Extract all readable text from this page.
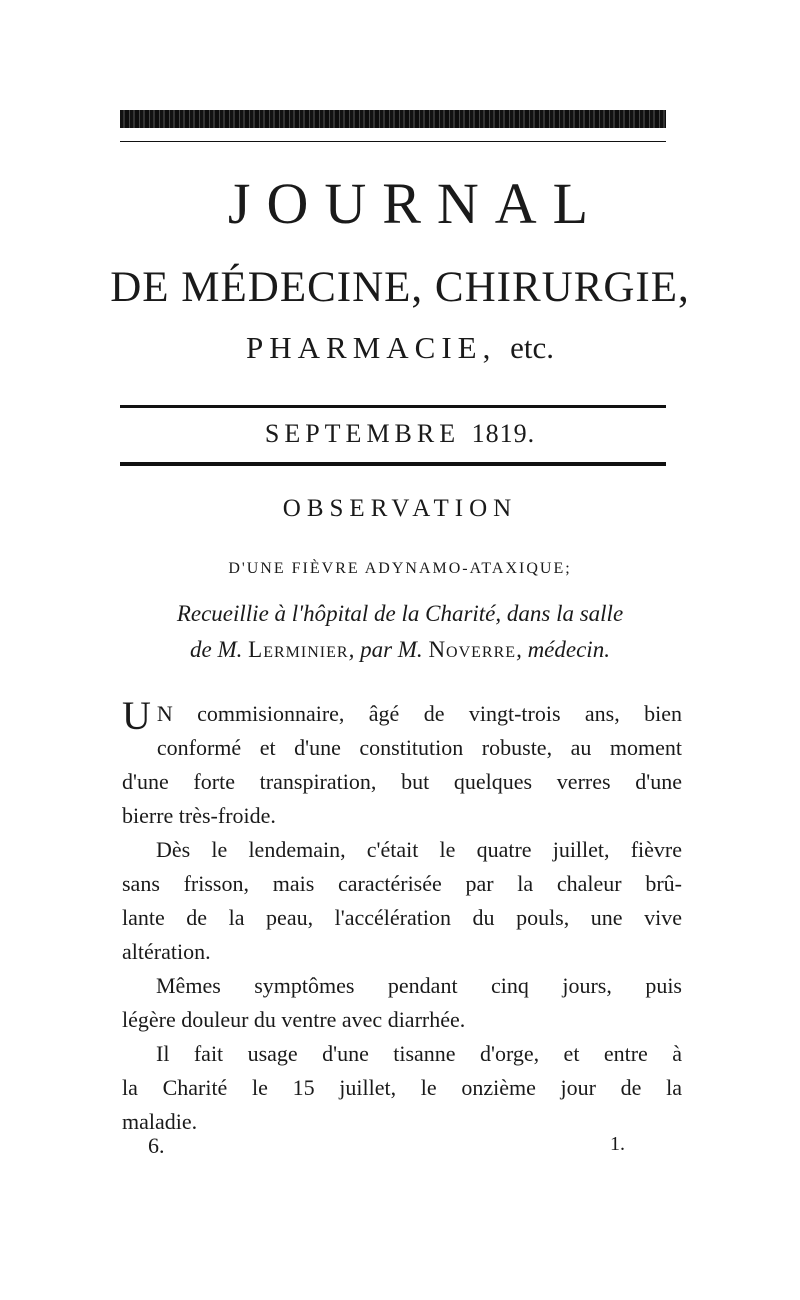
JOURNAL
DE MÉDECINE, CHIRURGIE,
PHARMACIE, etc.
SEPTEMBRE 1819.
OBSERVATION
D'UNE FIÈVRE ADYNAMO-ATAXIQUE;
Recueillie à l'hôpital de la Charité, dans la salle
de M. Lerminier, par M. Noverre, médecin.
U N commisionnaire, âgé de vingt-trois ans, bien
conformé et d'une constitution robuste, au moment
d'une forte transpiration, but quelques verres d'une
bierre très-froide.
Dès le lendemain, c'était le quatre juillet, fièvre
sans frisson, mais caractérisée par la chaleur brû-
lante de la peau, l'accélération du pouls, une vive
altération.
Mêmes symptômes pendant cinq jours, puis
légère douleur du ventre avec diarrhée.
Il fait usage d'une tisanne d'orge, et entre à
la Charité le 15 juillet, le onzième jour de la
maladie.
6.	1.
